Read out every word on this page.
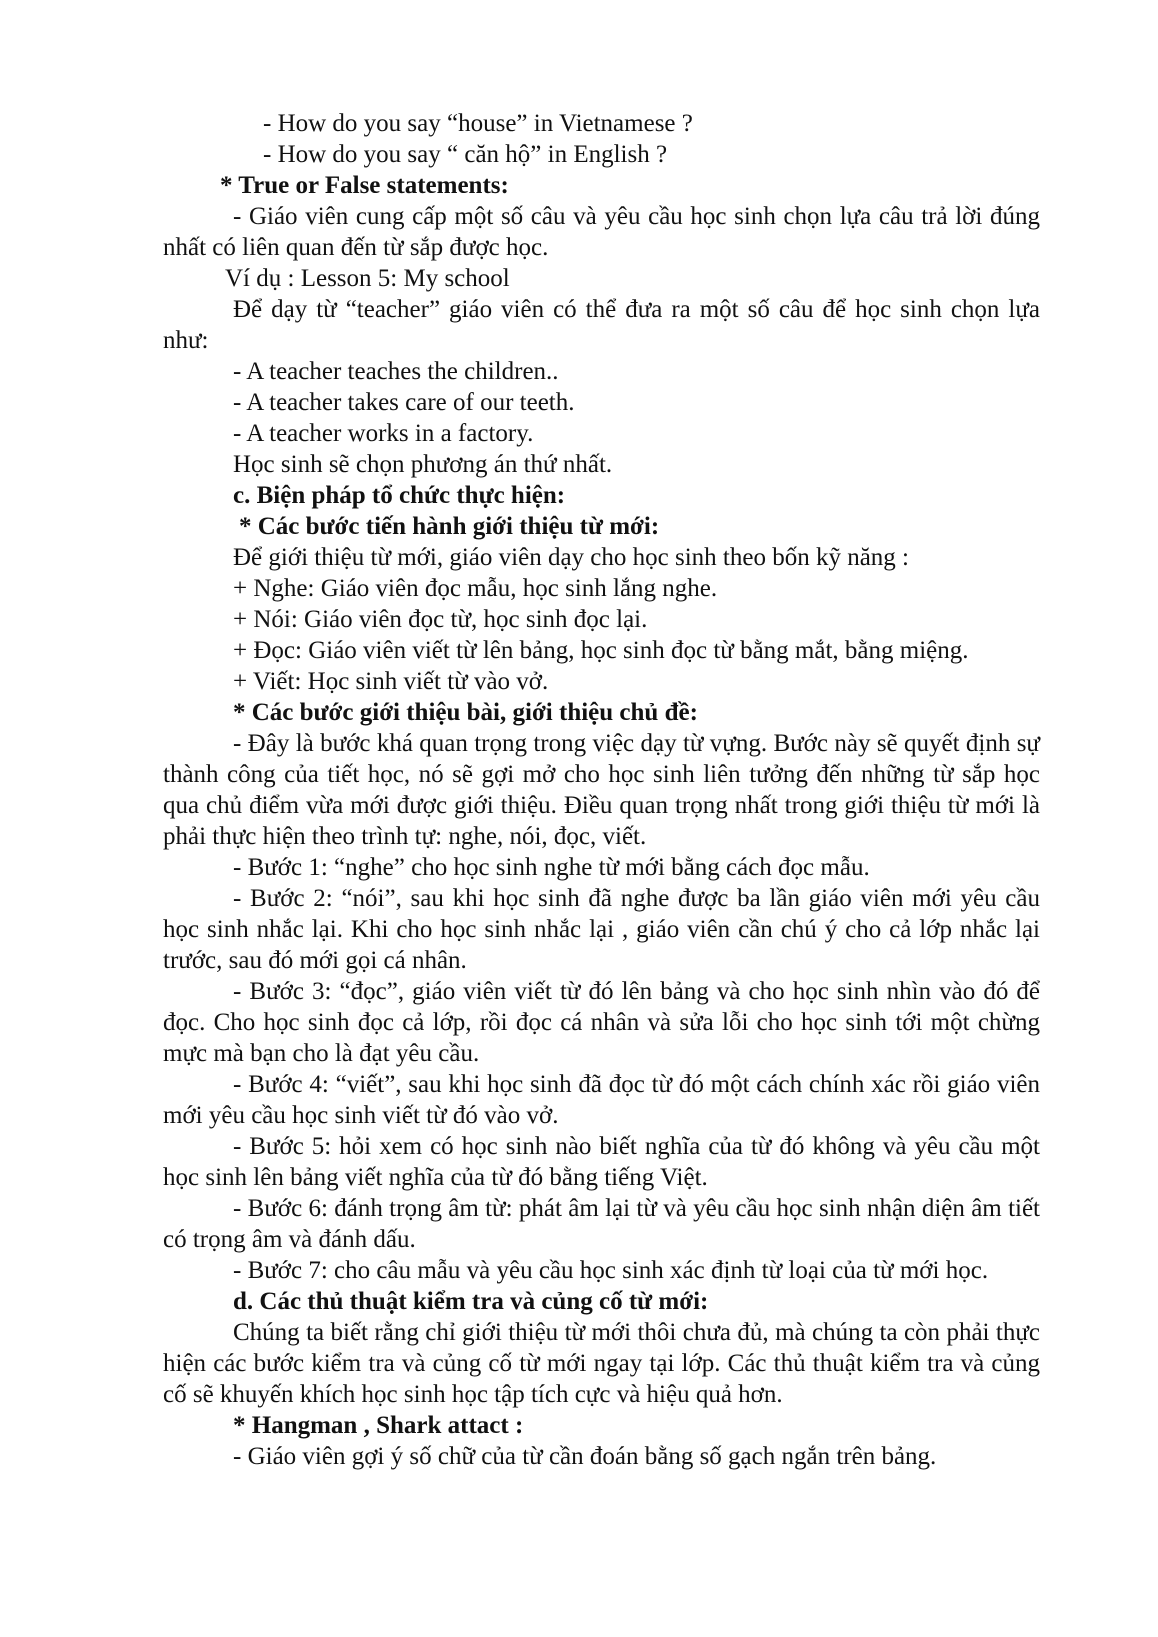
- How do you say “house” in Vietnamese ?

- How do you say “ căn hộ” in English ?

* True or False statements:

- Giáo viên cung cấp một số câu và yêu cầu học sinh chọn lựa câu trả lời đúng nhất có liên quan đến từ sắp được học.

Ví dụ : Lesson 5: My school

Để dạy từ “teacher” giáo viên có thể đưa ra một số câu để học sinh chọn lựa như:

- A teacher teaches the children..

- A teacher takes care of our teeth.

- A teacher works in a factory.

Học sinh sẽ chọn phương án thứ nhất.

c. Biện pháp tổ chức thực hiện:

* Các bước tiến hành giới thiệu từ mới:

Để giới thiệu từ mới, giáo viên dạy cho học sinh theo bốn kỹ năng :

+ Nghe: Giáo viên đọc mẫu, học sinh lắng nghe.

+ Nói: Giáo viên đọc từ, học sinh đọc lại.

+ Đọc: Giáo viên viết từ lên bảng, học sinh đọc từ bằng mắt, bằng miệng.

+ Viết: Học sinh viết từ vào vở.

* Các bước giới thiệu bài, giới thiệu chủ đề:

- Đây là bước khá quan trọng trong việc dạy từ vựng. Bước này sẽ quyết định sự thành công của tiết học, nó sẽ gợi mở cho học sinh liên tưởng đến những từ sắp học qua chủ điểm vừa mới được giới thiệu. Điều quan trọng nhất trong giới thiệu từ mới là phải thực hiện theo trình tự: nghe, nói, đọc, viết.

- Bước 1: “nghe” cho học sinh nghe từ mới bằng cách đọc mẫu.

- Bước 2: “nói”, sau khi học sinh đã nghe được ba lần giáo viên mới yêu cầu học sinh nhắc lại. Khi cho học sinh nhắc lại , giáo viên cần chú ý cho cả lớp nhắc lại trước, sau đó mới gọi cá nhân.

- Bước 3: “đọc”, giáo viên viết từ đó lên bảng và cho học sinh nhìn vào đó để đọc. Cho học sinh đọc cả lớp, rồi đọc cá nhân và sửa lỗi cho học sinh tới một chừng mực mà bạn cho là đạt yêu cầu.

- Bước 4: “viết”, sau khi học sinh đã đọc từ đó một cách chính xác rồi giáo viên mới yêu cầu học sinh viết từ đó vào vở.

- Bước 5: hỏi xem có học sinh nào biết nghĩa của từ đó không và yêu cầu một học sinh lên bảng viết nghĩa của từ đó bằng tiếng Việt.

- Bước 6: đánh trọng âm từ: phát âm lại từ và yêu cầu học sinh nhận diện âm tiết có trọng âm và đánh dấu.

- Bước 7: cho câu mẫu và yêu cầu học sinh xác định từ loại của từ mới học.

d. Các thủ thuật kiểm tra và củng cố từ mới:

Chúng ta biết rằng chỉ giới thiệu từ mới thôi chưa đủ, mà chúng ta còn phải thực hiện các bước kiểm tra và củng cố từ mới ngay tại lớp. Các thủ thuật kiểm tra và củng cố sẽ khuyến khích học sinh học tập tích cực và hiệu quả hơn.

* Hangman , Shark attact :

- Giáo viên gợi ý số chữ của từ cần đoán bằng số gạch ngắn trên bảng.
